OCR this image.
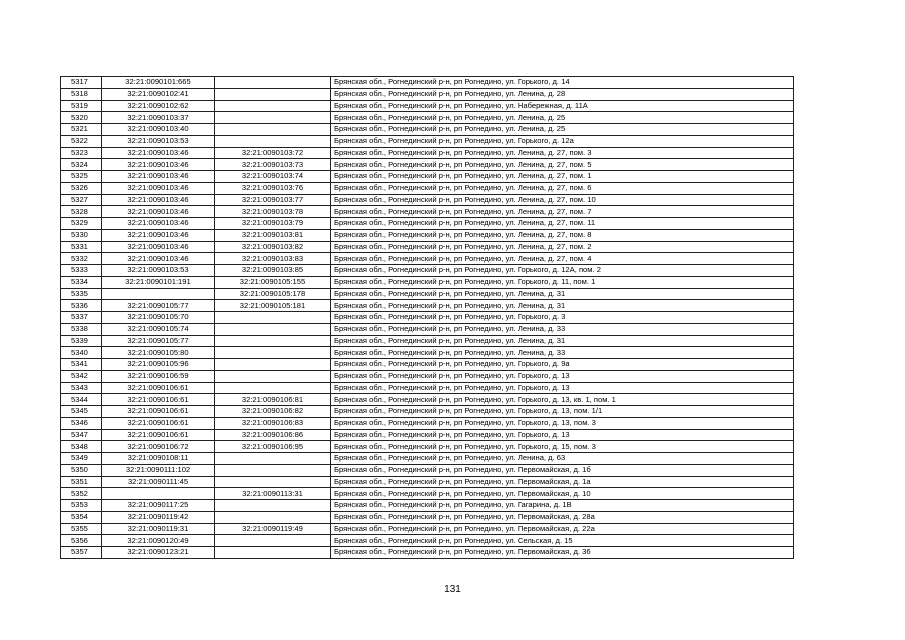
5317	32:21:0090101:665		Брянская обл., Рогнединский р-н, рп Рогнедино, ул. Горького, д. 14
5318	32:21:0090102:41		Брянская обл., Рогнединский р-н, рп Рогнедино, ул. Ленина, д. 28
5319	32:21:0090102:62		Брянская обл., Рогнединский р-н, рп Рогнедино, ул. Набережная, д. 11А
5320	32:21:0090103:37		Брянская обл., Рогнединский р-н, рп Рогнедино, ул. Ленина, д. 25
5321	32:21:0090103:40		Брянская обл., Рогнединский р-н, рп Рогнедино, ул. Ленина, д. 25
5322	32:21:0090103:53		Брянская обл., Рогнединский р-н, рп Рогнедино, ул. Горького, д. 12а
5323	32:21:0090103:46	32:21:0090103:72	Брянская обл., Рогнединский р-н, рп Рогнедино, ул. Ленина, д. 27, пом. 3
5324	32:21:0090103:46	32:21:0090103:73	Брянская обл., Рогнединский р-н, рп Рогнедино, ул. Ленина, д. 27, пом. 5
5325	32:21:0090103:46	32:21:0090103:74	Брянская обл., Рогнединский р-н, рп Рогнедино, ул. Ленина, д. 27, пом. 1
5326	32:21:0090103:46	32:21:0090103:76	Брянская обл., Рогнединский р-н, рп Рогнедино, ул. Ленина, д. 27, пом. 6
5327	32:21:0090103:46	32:21:0090103:77	Брянская обл., Рогнединский р-н, рп Рогнедино, ул. Ленина, д. 27, пом. 10
5328	32:21:0090103:46	32:21:0090103:78	Брянская обл., Рогнединский р-н, рп Рогнедино, ул. Ленина, д. 27, пом. 7
5329	32:21:0090103:46	32:21:0090103:79	Брянская обл., Рогнединский р-н, рп Рогнедино, ул. Ленина, д. 27, пом. 11
5330	32:21:0090103:46	32:21:0090103:81	Брянская обл., Рогнединский р-н, рп Рогнедино, ул. Ленина, д. 27, пом. 8
5331	32:21:0090103:46	32:21:0090103:82	Брянская обл., Рогнединский р-н, рп Рогнедино, ул. Ленина, д. 27, пом. 2
5332	32:21:0090103:46	32:21:0090103:83	Брянская обл., Рогнединский р-н, рп Рогнедино, ул. Ленина, д. 27, пом. 4
5333	32:21:0090103:53	32:21:0090103:85	Брянская обл., Рогнединский р-н, рп Рогнедино, ул. Горького, д. 12А, пом. 2
5334	32:21:0090101:191	32:21:0090105:155	Брянская обл., Рогнединский р-н, рп Рогнедино, ул. Горького, д. 11, пом. 1
5335		32:21:0090105:178	Брянская обл., Рогнединский р-н, рп Рогнедино, ул. Ленина, д. 31
5336	32:21:0090105:77	32:21:0090105:181	Брянская обл., Рогнединский р-н, рп Рогнедино, ул. Ленина, д. 31
5337	32:21:0090105:70		Брянская обл., Рогнединский р-н, рп Рогнедино, ул. Горького, д. 3
5338	32:21:0090105:74		Брянская обл., Рогнединский р-н, рп Рогнедино, ул. Ленина, д. 33
5339	32:21:0090105:77		Брянская обл., Рогнединский р-н, рп Рогнедино, ул. Ленина, д. 31
5340	32:21:0090105:80		Брянская обл., Рогнединский р-н, рп Рогнедино, ул. Ленина, д. 33
5341	32:21:0090105:96		Брянская обл., Рогнединский р-н, рп Рогнедино, ул. Горького, д. 9а
5342	32:21:0090106:59		Брянская обл., Рогнединский р-н, рп Рогнедино, ул. Горького, д. 13
5343	32:21:0090106:61		Брянская обл., Рогнединский р-н, рп Рогнедино, ул. Горького, д. 13
5344	32:21:0090106:61	32:21:0090106:81	Брянская обл., Рогнединский р-н, рп Рогнедино, ул. Горького, д. 13, кв. 1, пом. 1
5345	32:21:0090106:61	32:21:0090106:82	Брянская обл., Рогнединский р-н, рп Рогнедино, ул. Горького, д. 13, пом. 1/1
5346	32:21:0090106:61	32:21:0090106:83	Брянская обл., Рогнединский р-н, рп Рогнедино, ул. Горького, д. 13, пом. 3
5347	32:21:0090106:61	32:21:0090106:86	Брянская обл., Рогнединский р-н, рп Рогнедино, ул. Горького, д. 13
5348	32:21:0090106:72	32:21:0090106:95	Брянская обл., Рогнединский р-н, рп Рогнедино, ул. Горького, д. 15, пом. 3
5349	32:21:0090108:11		Брянская обл., Рогнединский р-н, рп Рогнедино, ул. Ленина, д. 63
5350	32:21:0090111:102		Брянская обл., Рогнединский р-н, рп Рогнедино, ул. Первомайская, д. 1б
5351	32:21:0090111:45		Брянская обл., Рогнединский р-н, рп Рогнедино, ул. Первомайская, д. 1а
5352		32:21:0090113:31	Брянская обл., Рогнединский р-н, рп Рогнедино, ул. Первомайская, д. 10
5353	32:21:0090117:25		Брянская обл., Рогнединский р-н, рп Рогнедино, ул. Гагарина, д. 1В
5354	32:21:0090119:42		Брянская обл., Рогнединский р-н, рп Рогнедино, ул. Первомайская, д. 28а
5355	32:21:0090119:31	32:21:0090119:49	Брянская обл., Рогнединский р-н, рп Рогнедино, ул. Первомайская, д. 22а
5356	32:21:0090120:49		Брянская обл., Рогнединский р-н, рп Рогнедино, ул. Сельская, д. 15
5357	32:21:0090123:21		Брянская обл., Рогнединский р-н, рп Рогнедино, ул. Первомайская, д. 36
131
